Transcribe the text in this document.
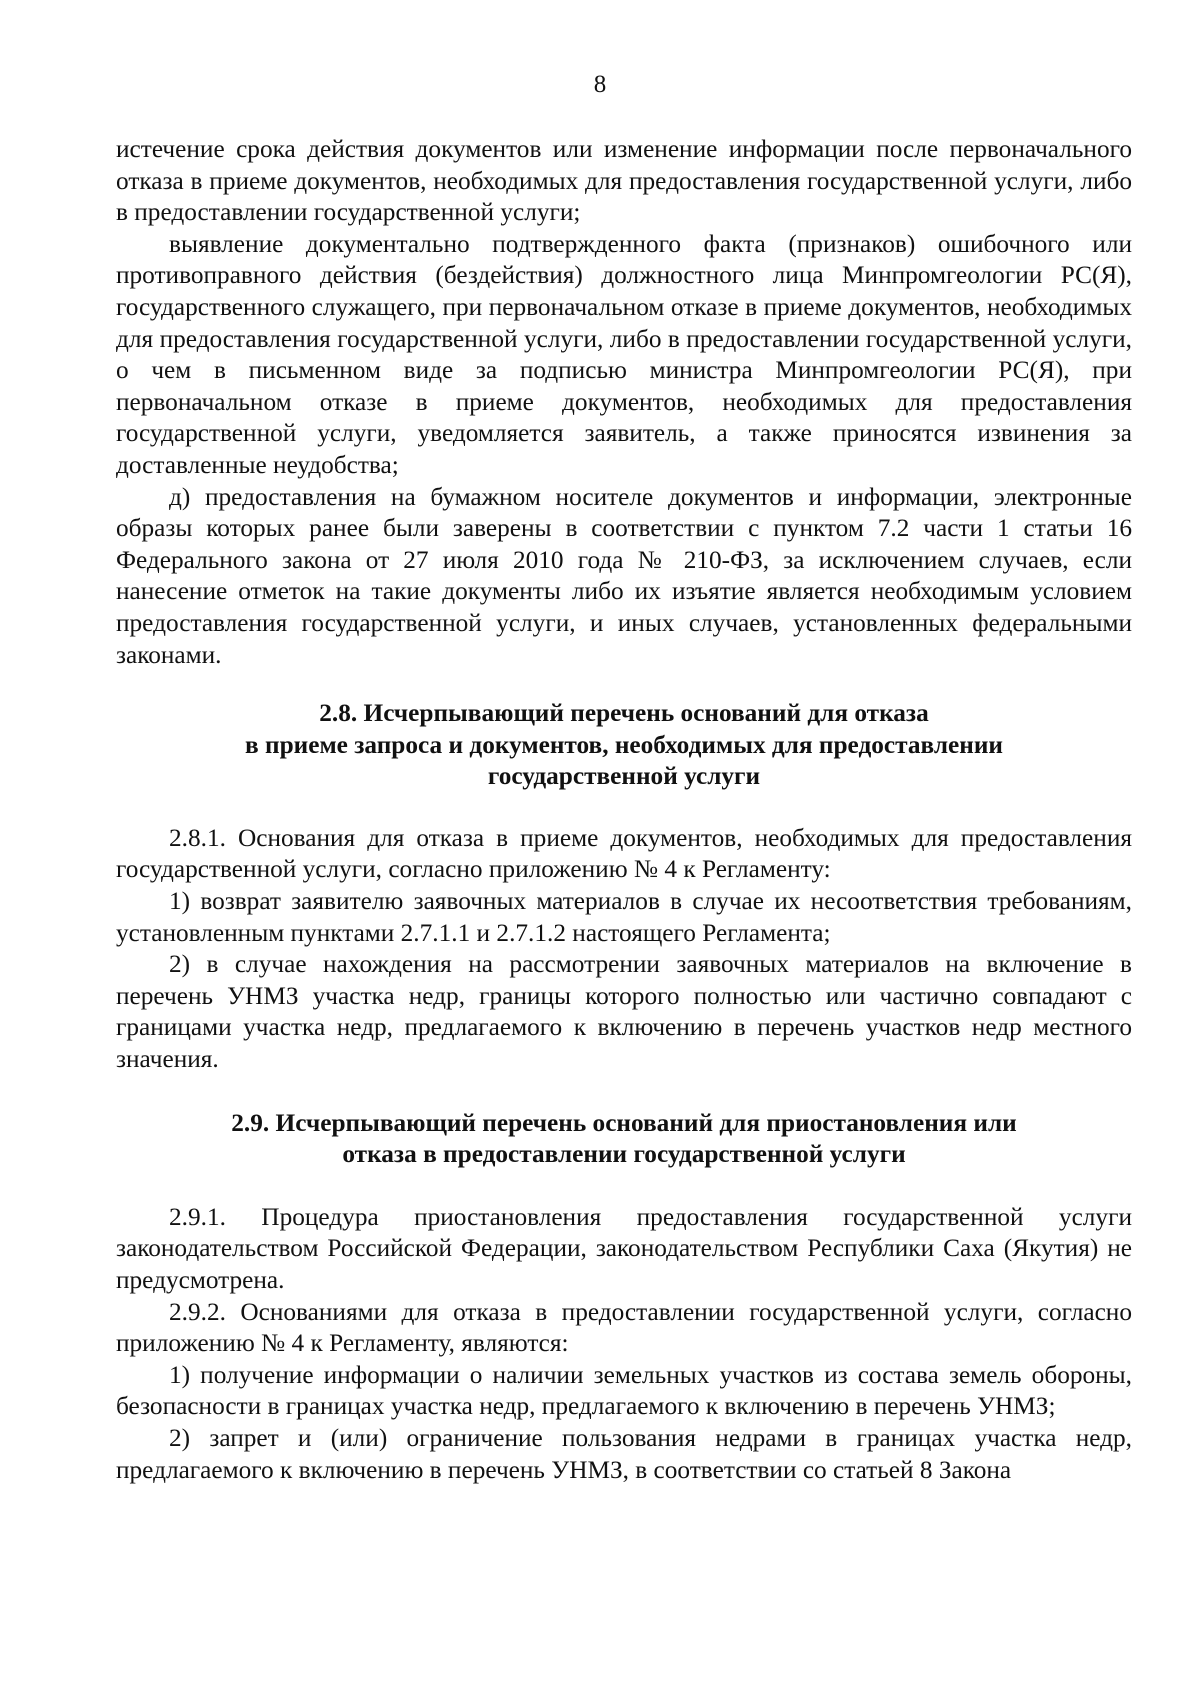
8

истечение срока действия документов или изменение информации после первоначального отказа в приеме документов, необходимых для предоставления государственной услуги, либо в предоставлении государственной услуги;

выявление документально подтвержденного факта (признаков) ошибочного или противоправного действия (бездействия) должностного лица Минпромгеологии РС(Я), государственного служащего, при первоначальном отказе в приеме документов, необходимых для предоставления государственной услуги, либо в предоставлении государственной услуги, о чем в письменном виде за подписью министра Минпромгеологии РС(Я), при первоначальном отказе в приеме документов, необходимых для предоставления государственной услуги, уведомляется заявитель, а также приносятся извинения за доставленные неудобства;

д) предоставления на бумажном носителе документов и информации, электронные образы которых ранее были заверены в соответствии с пунктом 7.2 части 1 статьи 16 Федерального закона от 27 июля 2010 года № 210-ФЗ, за исключением случаев, если нанесение отметок на такие документы либо их изъятие является необходимым условием предоставления государственной услуги, и иных случаев, установленных федеральными законами.

2.8. Исчерпывающий перечень оснований для отказа
в приеме запроса и документов, необходимых для предоставлении
государственной услуги

2.8.1. Основания для отказа в приеме документов, необходимых для предоставления государственной услуги, согласно приложению № 4 к Регламенту:

1) возврат заявителю заявочных материалов в случае их несоответствия требованиям, установленным пунктами 2.7.1.1 и 2.7.1.2 настоящего Регламента;

2) в случае нахождения на рассмотрении заявочных материалов на включение в перечень УНМЗ участка недр, границы которого полностью или частично совпадают с границами участка недр, предлагаемого к включению в перечень участков недр местного значения.

2.9. Исчерпывающий перечень оснований для приостановления или
отказа в предоставлении государственной услуги

2.9.1. Процедура приостановления предоставления государственной услуги законодательством Российской Федерации, законодательством Республики Саха (Якутия) не предусмотрена.

2.9.2. Основаниями для отказа в предоставлении государственной услуги, согласно приложению № 4 к Регламенту, являются:

1) получение информации о наличии земельных участков из состава земель обороны, безопасности в границах участка недр, предлагаемого к включению в перечень УНМЗ;

2) запрет и (или) ограничение пользования недрами в границах участка недр, предлагаемого к включению в перечень УНМЗ, в соответствии со статьей 8 Закона
